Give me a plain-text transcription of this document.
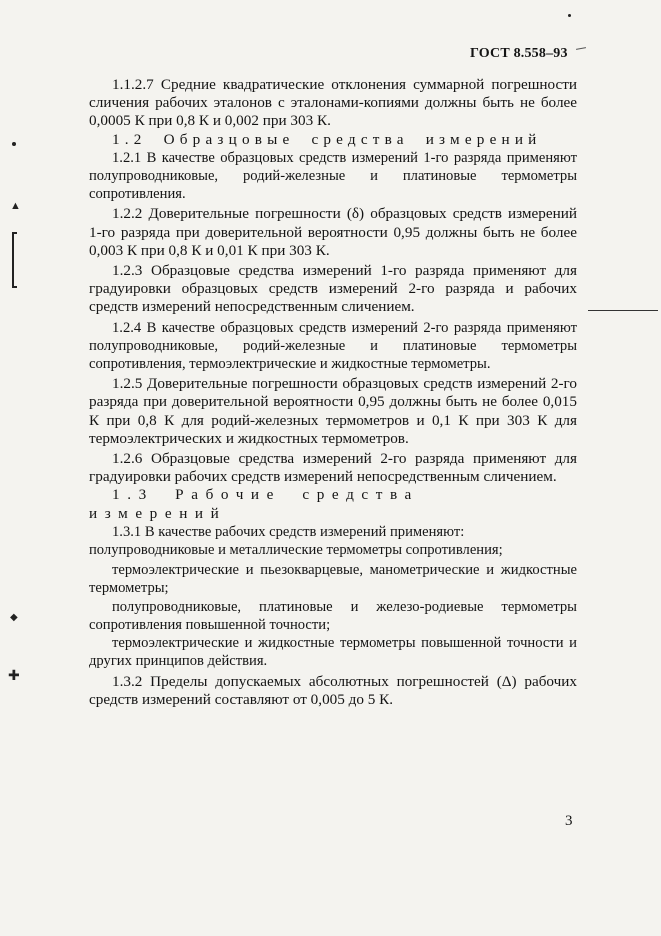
ГОСТ 8.558–93

1.1.2.7 Средние квадратические отклонения суммарной погрешности сличения рабочих эталонов с эталонами-копиями должны быть не более 0,0005 К при 0,8 К и 0,002 при 303 К.

1.2 Образцовые средства измерений

1.2.1 В качестве образцовых средств измерений 1-го разряда применяют полупроводниковые, родий-железные и платиновые термометры сопротивления.

1.2.2 Доверительные погрешности (δ) образцовых средств измерений 1-го разряда при доверительной вероятности 0,95 должны быть не более 0,003 К при 0,8 К и 0,01 К при 303 К.

1.2.3 Образцовые средства измерений 1-го разряда применяют для градуировки образцовых средств измерений 2-го разряда и рабочих средств измерений непосредственным сличением.

1.2.4 В качестве образцовых средств измерений 2-го разряда применяют полупроводниковые, родий-железные и платиновые термометры сопротивления, термоэлектрические и жидкостные термометры.

1.2.5 Доверительные погрешности образцовых средств измерений 2-го разряда при доверительной вероятности 0,95 должны быть не более 0,015 К при 0,8 К для родий-железных термометров и 0,1 К при 303 К для термоэлектрических и жидкостных термометров.

1.2.6 Образцовые средства измерений 2-го разряда применяют для градуировки рабочих средств измерений непосредственным сличением.

1.3 Рабочие средства измерений

1.3.1 В качестве рабочих средств измерений применяют:

полупроводниковые и металлические термометры сопротивления;

термоэлектрические и пьезокварцевые, манометрические и жидкостные термометры;

полупроводниковые, платиновые и железо-родиевые термометры сопротивления повышенной точности;

термоэлектрические и жидкостные термометры повышенной точности и других принципов действия.

1.3.2 Пределы допускаемых абсолютных погрешностей (Δ) рабочих средств измерений составляют от 0,005 до 5 К.

3
▲
◆
✚
